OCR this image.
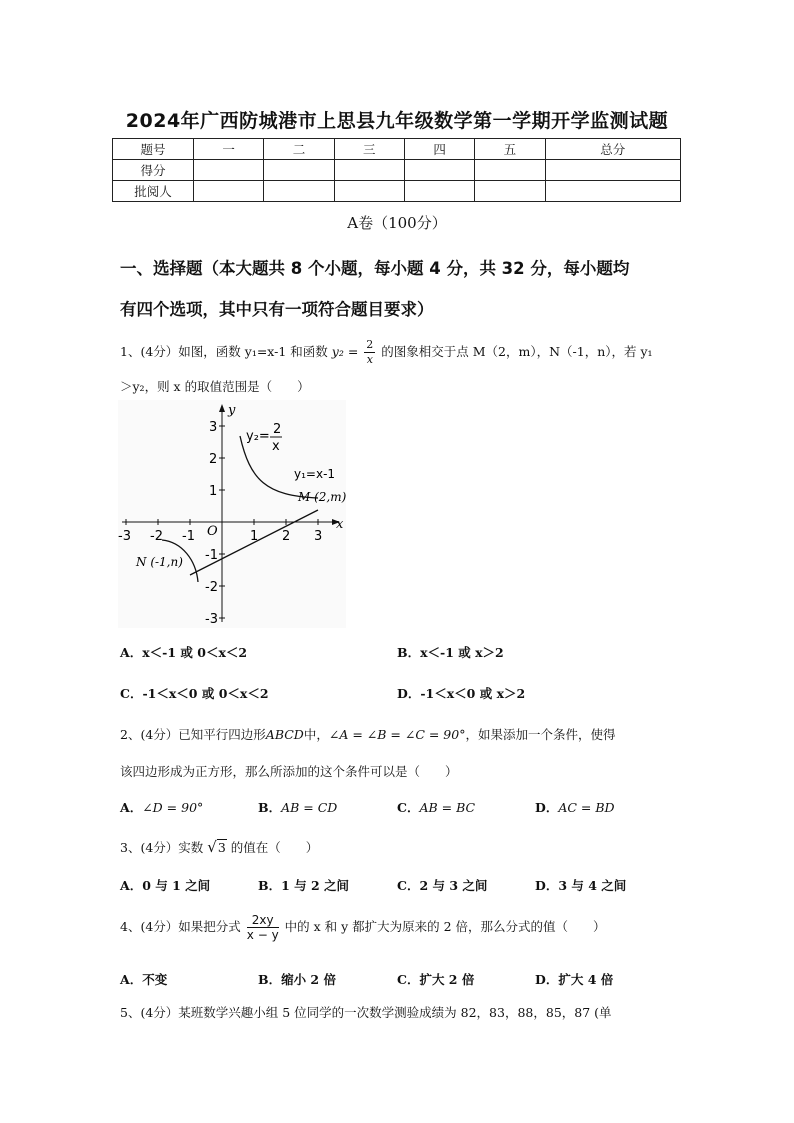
2024年广西防城港市上思县九年级数学第一学期开学监测试题
题号	一	二	三	四	五	总分
得分						
批阅人						
A卷（100分）
一、选择题（本大题共 8 个小题，每小题 4 分，共 32 分，每小题均
有四个选项，其中只有一项符合题目要求）
1、(4分）如图，函数 y₁=x-1 和函数 $y_2 = \frac{2}{x}$ 的图象相交于点 M（2，m），N（-1，n），若 y₁
＞y₂，则 x 的取值范围是（　　）
y
x
O
-3 -2 -1	1 2 3
3
2
1
-1
-2
-3
y₂= 2
x
y₁=x-1
M (2,m)
N (-1,n)
A．x＜-1 或 0＜x＜2	B．x＜-1 或 x＞2
C．-1＜x＜0 或 0＜x＜2	D．-1＜x＜0 或 x＞2
2、(4分）已知平行四边形ABCD中，∠A = ∠B = ∠C = 90°，如果添加一个条件，使得
该四边形成为正方形，那么所添加的这个条件可以是（　　）
A．∠D = 90°	B．AB = CD	C．AB = BC	D．AC = BD
3、(4分）实数 √3 的值在（　　）
A．0 与 1 之间	B．1 与 2 之间	C．2 与 3 之间	D．3 与 4 之间
4、(4分）如果把分式 $\frac{2xy}{x - y}$ 中的 x 和 y 都扩大为原来的 2 倍，那么分式的值（　　）
A．不变	B．缩小 2 倍	C．扩大 2 倍	D．扩大 4 倍
5、(4分）某班数学兴趣小组 5 位同学的一次数学测验成绩为 82，83，88，85，87 (单
